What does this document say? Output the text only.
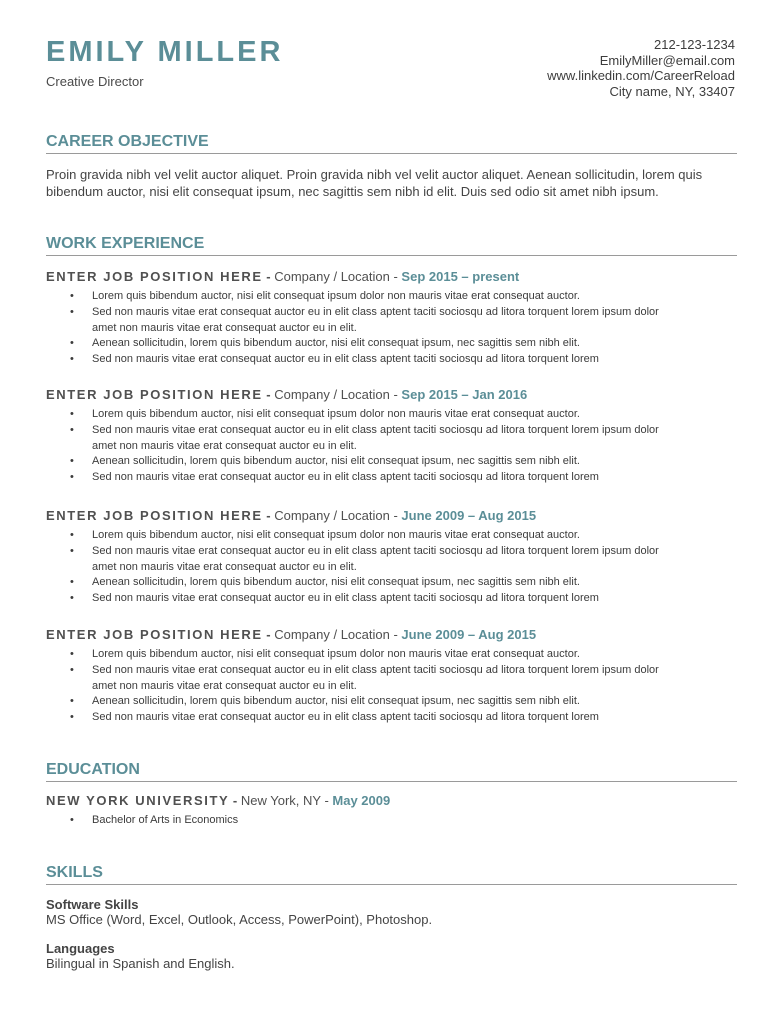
EMILY MILLER
Creative Director
212-123-1234
EmilyMiller@email.com
www.linkedin.com/CareerReload
City name, NY, 33407
CAREER OBJECTIVE
Proin gravida nibh vel velit auctor aliquet. Proin gravida nibh vel velit auctor aliquet. Aenean sollicitudin, lorem quis bibendum auctor, nisi elit consequat ipsum, nec sagittis sem nibh id elit. Duis sed odio sit amet nibh ipsum.
WORK EXPERIENCE
ENTER JOB POSITION HERE - Company / Location - Sep 2015 – present
• Lorem quis bibendum auctor, nisi elit consequat ipsum dolor non mauris vitae erat consequat auctor.
• Sed non mauris vitae erat consequat auctor eu in elit class aptent taciti sociosqu ad litora torquent lorem ipsum dolor amet non mauris vitae erat consequat auctor eu in elit.
• Aenean sollicitudin, lorem quis bibendum auctor, nisi elit consequat ipsum, nec sagittis sem nibh elit.
• Sed non mauris vitae erat consequat auctor eu in elit class aptent taciti sociosqu ad litora torquent lorem
ENTER JOB POSITION HERE - Company / Location - Sep 2015 – Jan 2016
• Lorem quis bibendum auctor, nisi elit consequat ipsum dolor non mauris vitae erat consequat auctor.
• Sed non mauris vitae erat consequat auctor eu in elit class aptent taciti sociosqu ad litora torquent lorem ipsum dolor amet non mauris vitae erat consequat auctor eu in elit.
• Aenean sollicitudin, lorem quis bibendum auctor, nisi elit consequat ipsum, nec sagittis sem nibh elit.
• Sed non mauris vitae erat consequat auctor eu in elit class aptent taciti sociosqu ad litora torquent lorem
ENTER JOB POSITION HERE - Company / Location - June 2009 – Aug 2015
• Lorem quis bibendum auctor, nisi elit consequat ipsum dolor non mauris vitae erat consequat auctor.
• Sed non mauris vitae erat consequat auctor eu in elit class aptent taciti sociosqu ad litora torquent lorem ipsum dolor amet non mauris vitae erat consequat auctor eu in elit.
• Aenean sollicitudin, lorem quis bibendum auctor, nisi elit consequat ipsum, nec sagittis sem nibh elit.
• Sed non mauris vitae erat consequat auctor eu in elit class aptent taciti sociosqu ad litora torquent lorem
ENTER JOB POSITION HERE - Company / Location - June 2009 – Aug 2015
• Lorem quis bibendum auctor, nisi elit consequat ipsum dolor non mauris vitae erat consequat auctor.
• Sed non mauris vitae erat consequat auctor eu in elit class aptent taciti sociosqu ad litora torquent lorem ipsum dolor amet non mauris vitae erat consequat auctor eu in elit.
• Aenean sollicitudin, lorem quis bibendum auctor, nisi elit consequat ipsum, nec sagittis sem nibh elit.
• Sed non mauris vitae erat consequat auctor eu in elit class aptent taciti sociosqu ad litora torquent lorem
EDUCATION
NEW YORK UNIVERSITY - New York, NY - May 2009
• Bachelor of Arts in Economics
SKILLS
Software Skills
MS Office (Word, Excel, Outlook, Access, PowerPoint), Photoshop.
Languages
Bilingual in Spanish and English.
